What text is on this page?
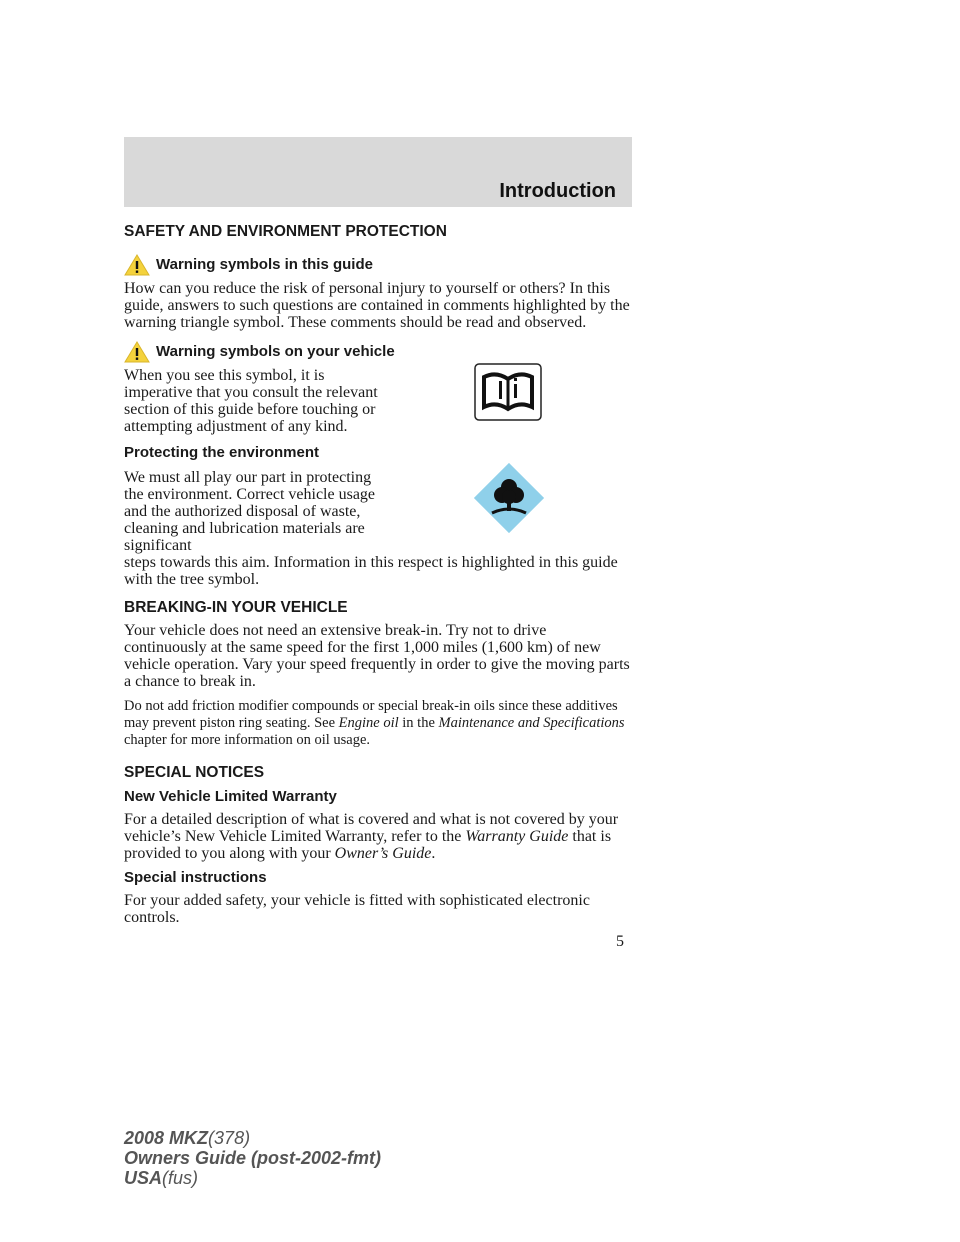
Introduction
SAFETY AND ENVIRONMENT PROTECTION
Warning symbols in this guide

How can you reduce the risk of personal injury to yourself or others? In this guide, answers to such questions are contained in comments highlighted by the warning triangle symbol. These comments should be read and observed.

Warning symbols on your vehicle

When you see this symbol, it is imperative that you consult the relevant section of this guide before touching or attempting adjustment of any kind.

Protecting the environment

We must all play our part in protecting the environment. Correct vehicle usage and the authorized disposal of waste, cleaning and lubrication materials are significant

steps towards this aim. Information in this respect is highlighted in this guide with the tree symbol.

BREAKING-IN YOUR VEHICLE

Your vehicle does not need an extensive break-in. Try not to drive continuously at the same speed for the first 1,000 miles (1,600 km) of new vehicle operation. Vary your speed frequently in order to give the moving parts a chance to break in.

Do not add friction modifier compounds or special break-in oils since these additives may prevent piston ring seating. See Engine oil in the Maintenance and Specifications chapter for more information on oil usage.

SPECIAL NOTICES
New Vehicle Limited Warranty

For a detailed description of what is covered and what is not covered by your vehicle’s New Vehicle Limited Warranty, refer to the Warranty Guide that is provided to you along with your Owner’s Guide.

Special instructions

For your added safety, your vehicle is fitted with sophisticated electronic controls.

5
2008 MKZ(378)
Owners Guide (post-2002-fmt)
USA(fus)
